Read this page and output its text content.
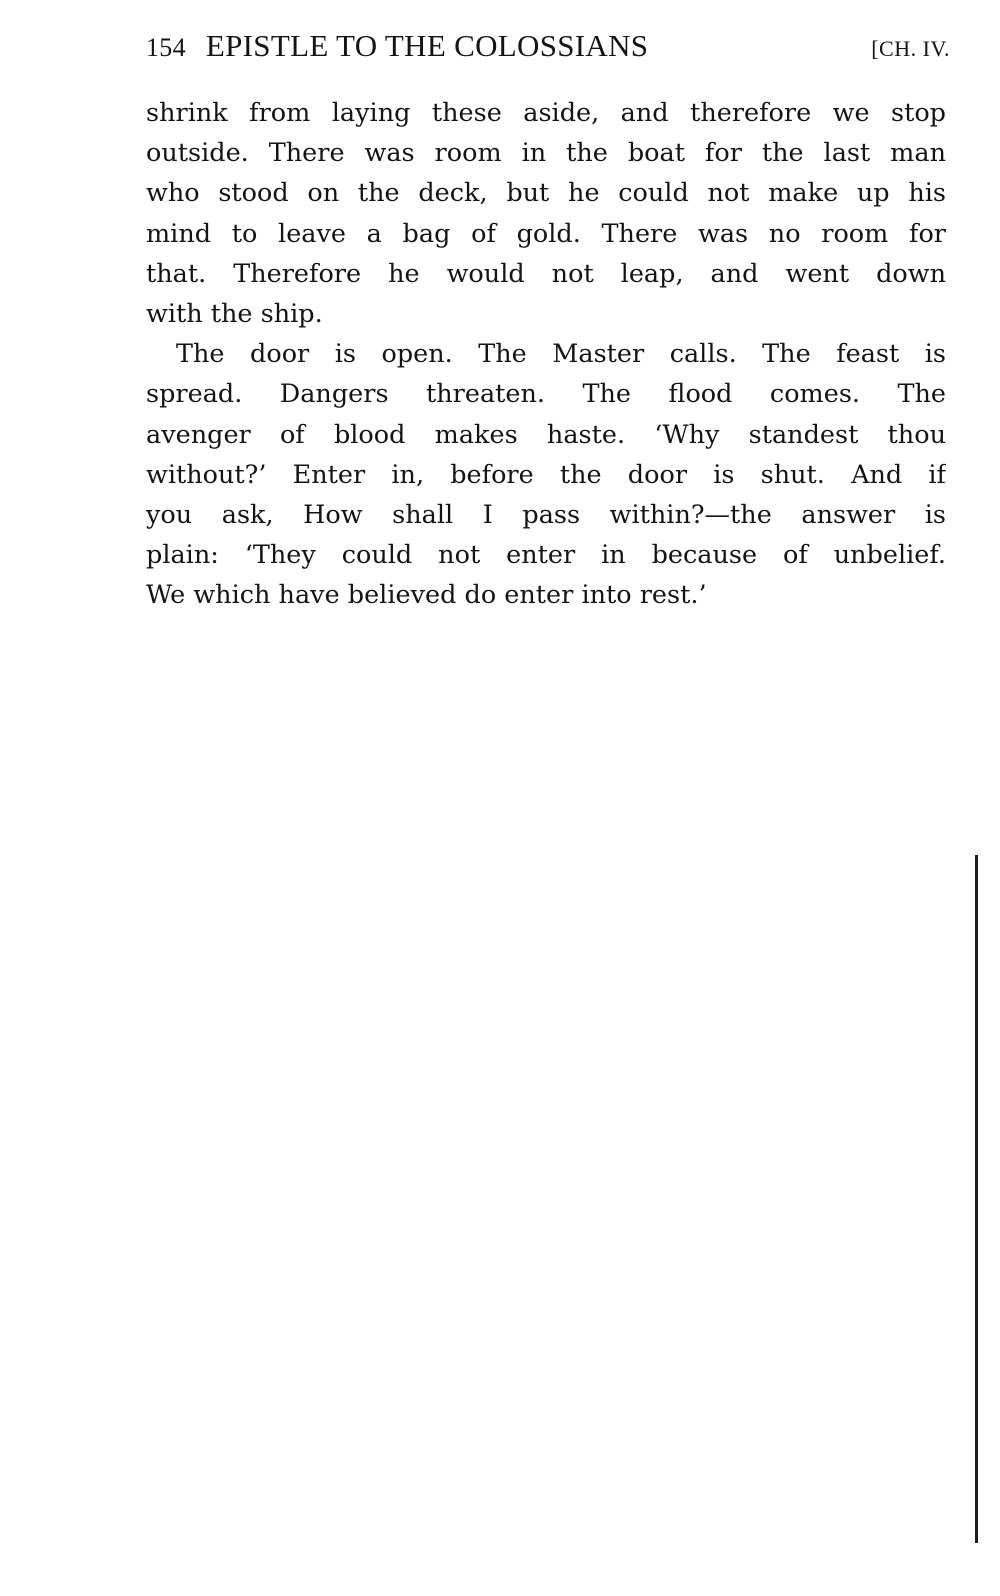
154 EPISTLE TO THE COLOSSIANS	[CH. IV.

shrink from laying these aside, and therefore we stop
outside. There was room in the boat for the last man
who stood on the deck, but he could not make up his
mind to leave a bag of gold. There was no room for
that. Therefore he would not leap, and went down
with the ship.

The door is open. The Master calls. The feast is
spread. Dangers threaten. The flood comes. The
avenger of blood makes haste. ‘Why standest thou
without?’ Enter in, before the door is shut. And if
you ask, How shall I pass within?—the answer is
plain: ‘They could not enter in because of unbelief.
We which have believed do enter into rest.’
